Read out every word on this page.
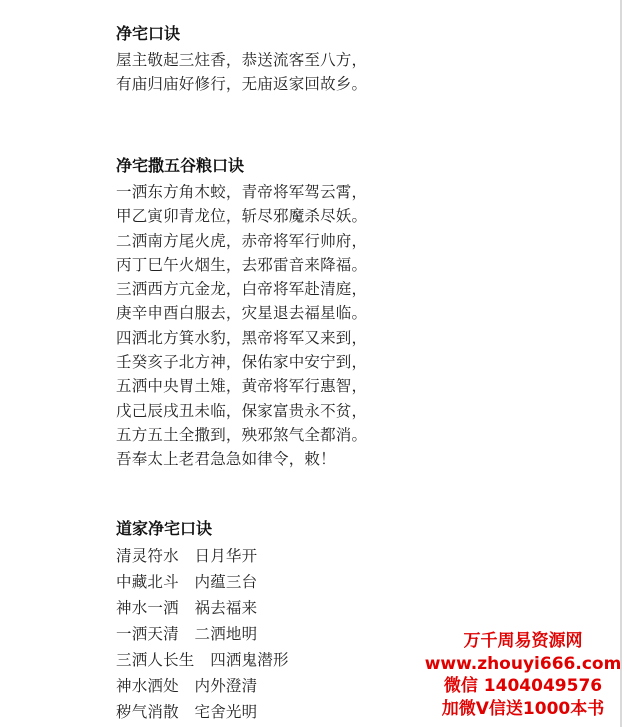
净宅口诀
屋主敬起三炷香，恭送流客至八方，
有庙归庙好修行，无庙返家回故乡。
净宅撒五谷粮口诀
一洒东方角木蛟，青帝将军驾云霄，
甲乙寅卯青龙位，斩尽邪魔杀尽妖。
二洒南方尾火虎，赤帝将军行帅府，
丙丁巳午火烟生，去邪雷音来降福。
三洒西方亢金龙，白帝将军赴清庭，
庚辛申酉白服去，灾星退去福星临。
四洒北方箕水豹，黑帝将军又来到，
壬癸亥子北方神，保佑家中安宁到，
五洒中央胃土雉，黄帝将军行惠智，
戊己辰戌丑未临，保家富贵永不贫，
五方五土全撒到，殃邪煞气全都消。
吾奉太上老君急急如律令，敕！
道家净宅口诀
清灵符水　日月华开
中藏北斗　内蕴三台
神水一洒　祸去福来
一洒天清　二洒地明
三洒人长生　四洒鬼潜形
神水洒处　内外澄清
秽气消散　宅舍光明
万千周易资源网
www.zhouyi666.com
微信 1404049576
加微V信送1000本书
